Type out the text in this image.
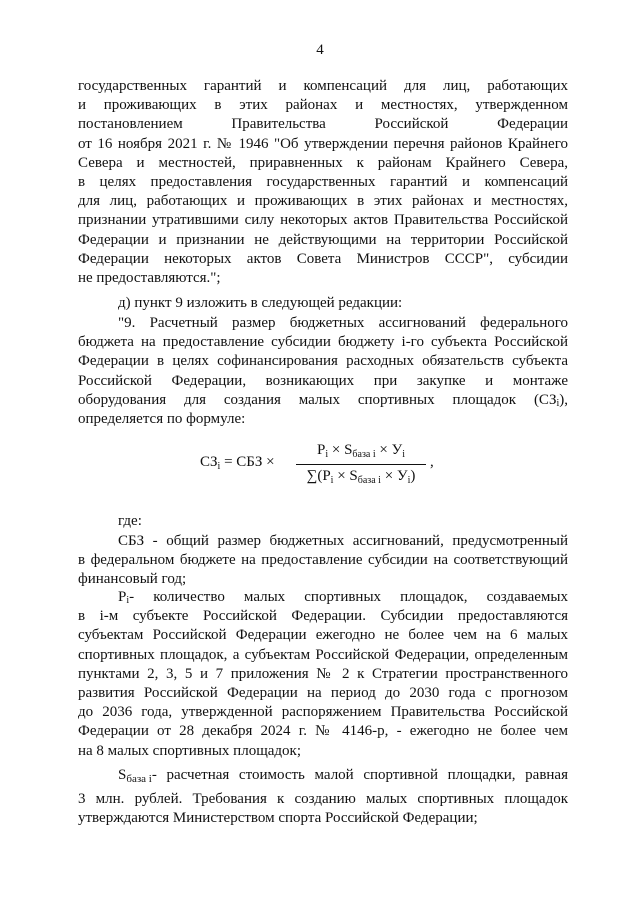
4
государственных гарантий и компенсаций для лиц, работающих
и проживающих в этих районах и местностях, утвержденном
постановлением Правительства Российской Федерации
от 16 ноября 2021 г. № 1946 "Об утверждении перечня районов Крайнего
Севера и местностей, приравненных к районам Крайнего Севера,
в целях предоставления государственных гарантий и компенсаций
для лиц, работающих и проживающих в этих районах и местностях,
признании утратившими силу некоторых актов Правительства Российской
Федерации и признании не действующими на территории Российской
Федерации некоторых актов Совета Министров СССР", субсидии
не предоставляются.";
д) пункт 9 изложить в следующей редакции:
"9. Расчетный размер бюджетных ассигнований федерального
бюджета на предоставление субсидии бюджету i-го субъекта Российской
Федерации в целях софинансирования расходных обязательств субъекта
Российской Федерации, возникающих при закупке и монтаже
оборудования для создания малых спортивных площадок (СЗ i ),
определяется по формуле:
$СЗ_i$ = СБЗ ×
$P_i \times S_{база i} \times У_i$
$\sum(P_i \times S_{база i} \times У_i)$
,
где:
СБЗ - общий размер бюджетных ассигнований, предусмотренный
в федеральном бюджете на предоставление субсидии на соответствующий
финансовый год;
P i - количество малых спортивных площадок, создаваемых
в i-м субъекте Российской Федерации. Субсидии предоставляются
субъектам Российской Федерации ежегодно не более чем на 6 малых
спортивных площадок, а субъектам Российской Федерации, определенным
пунктами 2, 3, 5 и 7 приложения № 2 к Стратегии пространственного
развития Российской Федерации на период до 2030 года с прогнозом
до 2036 года, утвержденной распоряжением Правительства Российской
Федерации от 28 декабря 2024 г. № 4146-р, - ежегодно не более чем
на 8 малых спортивных площадок;
S база i - расчетная стоимость малой спортивной площадки, равная
3 млн. рублей. Требования к созданию малых спортивных площадок
утверждаются Министерством спорта Российской Федерации;
